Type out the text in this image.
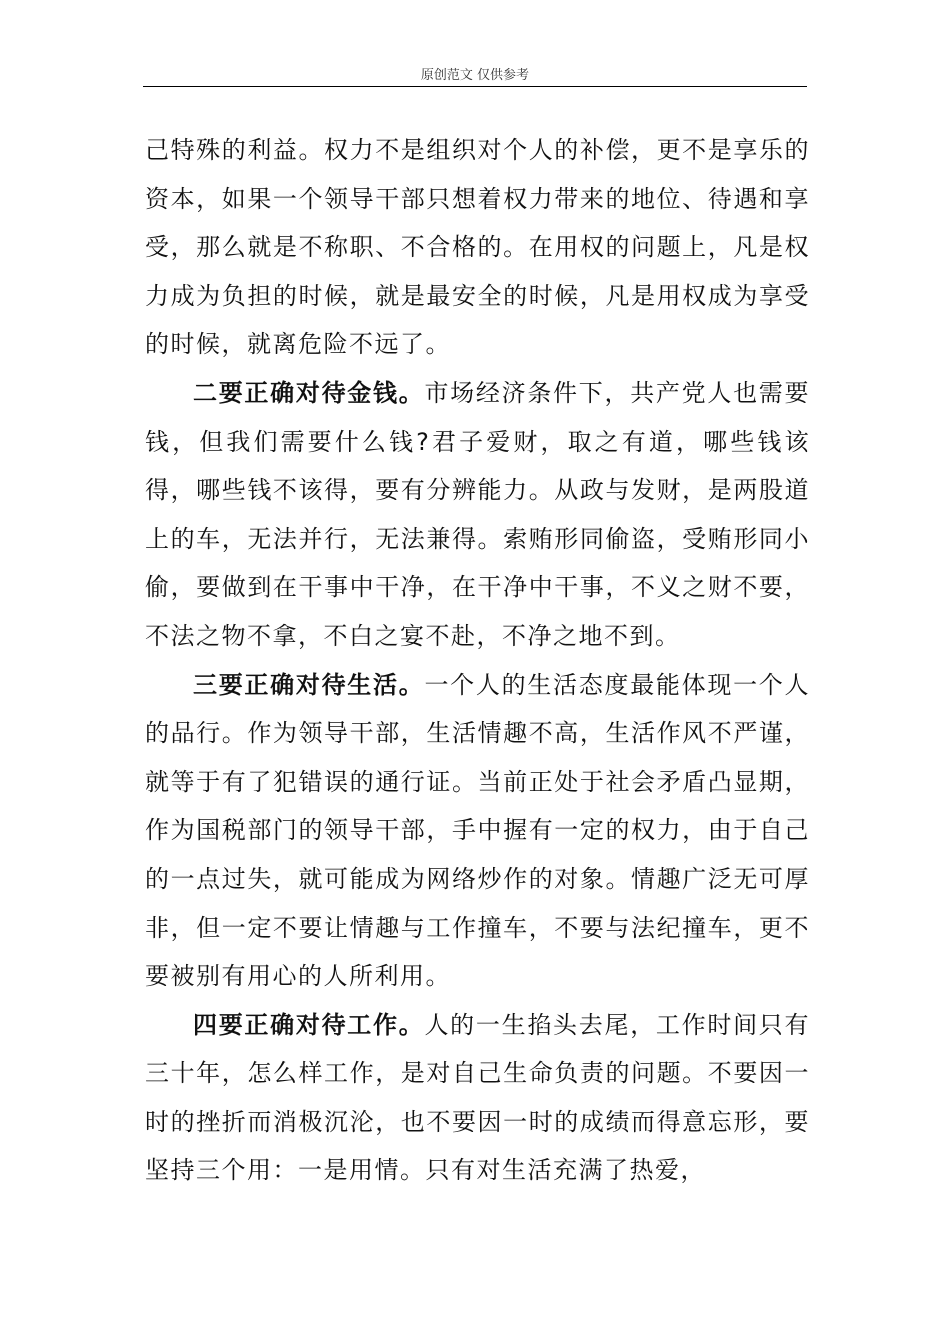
原创范文 仅供参考

己特殊的利益。权力不是组织对个人的补偿，更不是享乐的资本，如果一个领导干部只想着权力带来的地位、待遇和享受，那么就是不称职、不合格的。在用权的问题上，凡是权力成为负担的时候，就是最安全的时候，凡是用权成为享受的时候，就离危险不远了。

二要正确对待金钱。市场经济条件下，共产党人也需要钱，但我们需要什么钱?君子爱财，取之有道，哪些钱该得，哪些钱不该得，要有分辨能力。从政与发财，是两股道上的车，无法并行，无法兼得。索贿形同偷盗，受贿形同小偷，要做到在干事中干净，在干净中干事，不义之财不要，不法之物不拿，不白之宴不赴，不净之地不到。

三要正确对待生活。一个人的生活态度最能体现一个人的品行。作为领导干部，生活情趣不高，生活作风不严谨，就等于有了犯错误的通行证。当前正处于社会矛盾凸显期，作为国税部门的领导干部，手中握有一定的权力，由于自己的一点过失，就可能成为网络炒作的对象。情趣广泛无可厚非，但一定不要让情趣与工作撞车，不要与法纪撞车，更不要被别有用心的人所利用。

四要正确对待工作。人的一生掐头去尾，工作时间只有三十年，怎么样工作，是对自己生命负责的问题。不要因一时的挫折而消极沉沦，也不要因一时的成绩而得意忘形，要坚持三个用：一是用情。只有对生活充满了热爱，
